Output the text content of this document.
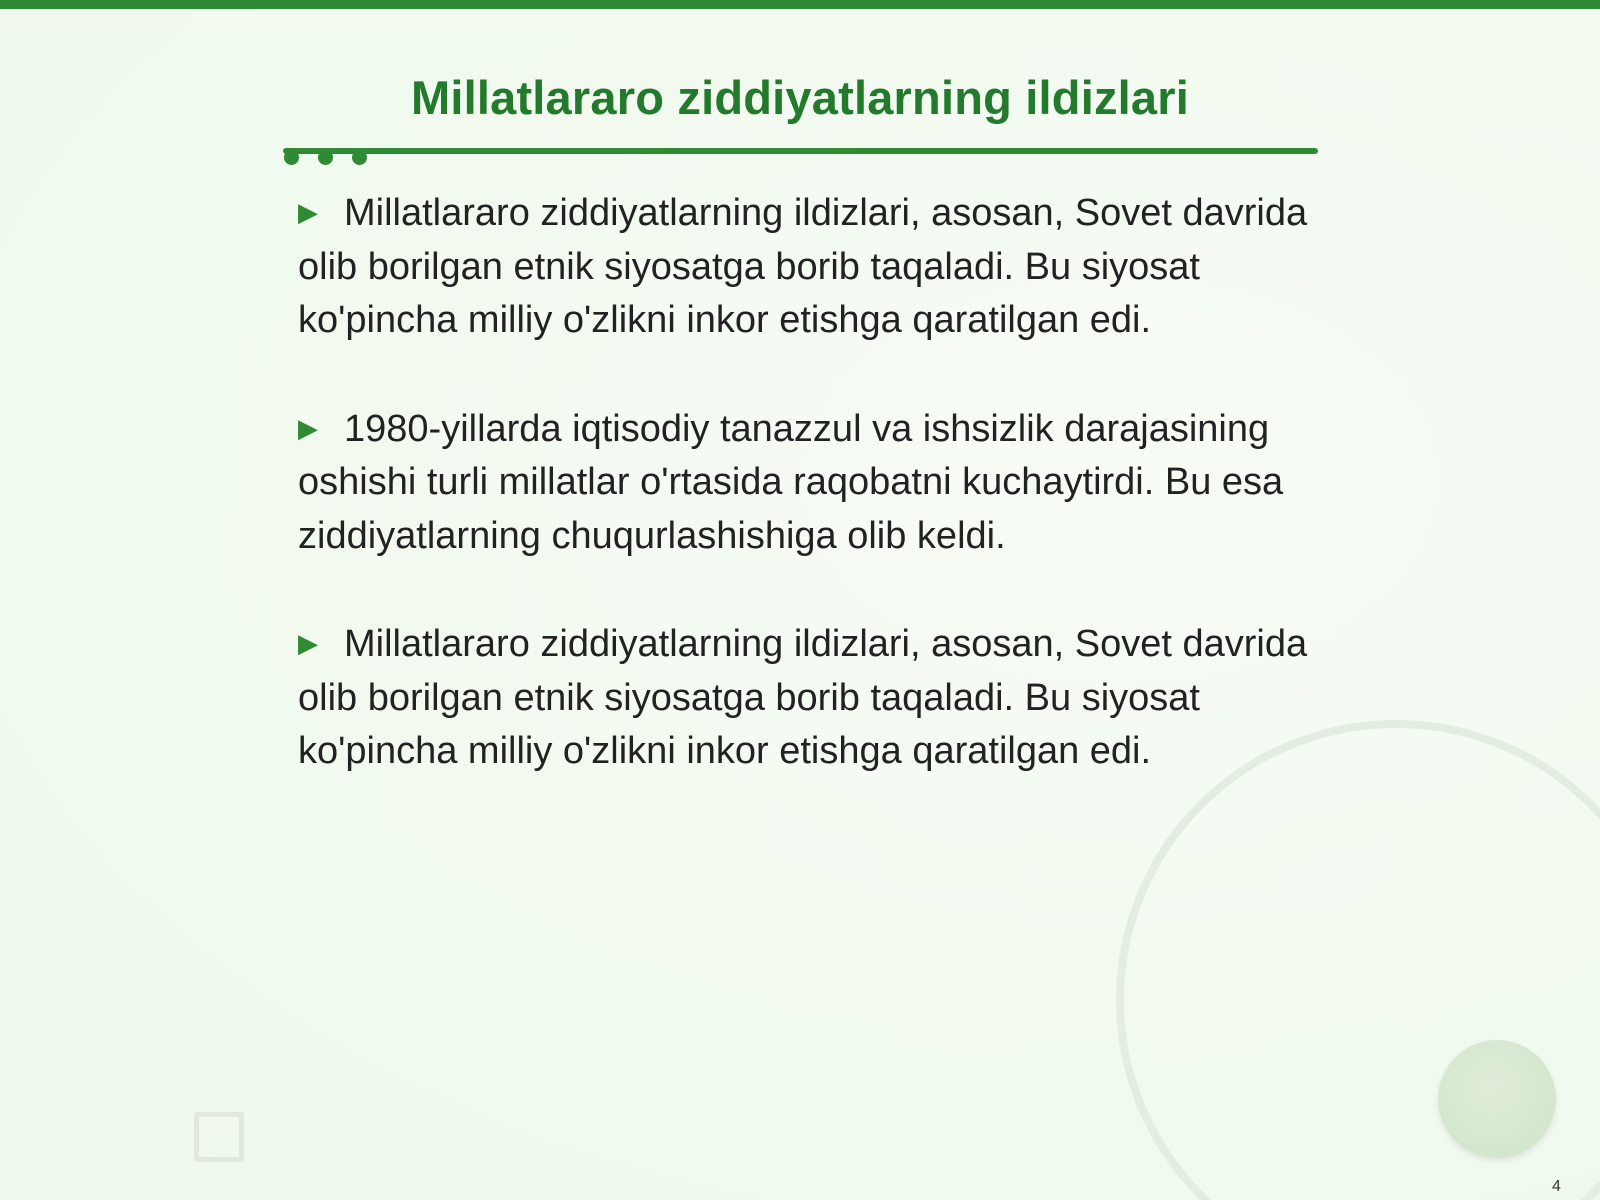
Millatlararo ziddiyatlarning ildizlari

▶ Millatlararo ziddiyatlarning ildizlari, asosan, Sovet davrida olib borilgan etnik siyosatga borib taqaladi. Bu siyosat ko'pincha milliy o'zlikni inkor etishga qaratilgan edi.

▶ 1980-yillarda iqtisodiy tanazzul va ishsizlik darajasining oshishi turli millatlar o'rtasida raqobatni kuchaytirdi. Bu esa ziddiyatlarning chuqurlashishiga olib keldi.

▶ Millatlararo ziddiyatlarning ildizlari, asosan, Sovet davrida olib borilgan etnik siyosatga borib taqaladi. Bu siyosat ko'pincha milliy o'zlikni inkor etishga qaratilgan edi.

4
